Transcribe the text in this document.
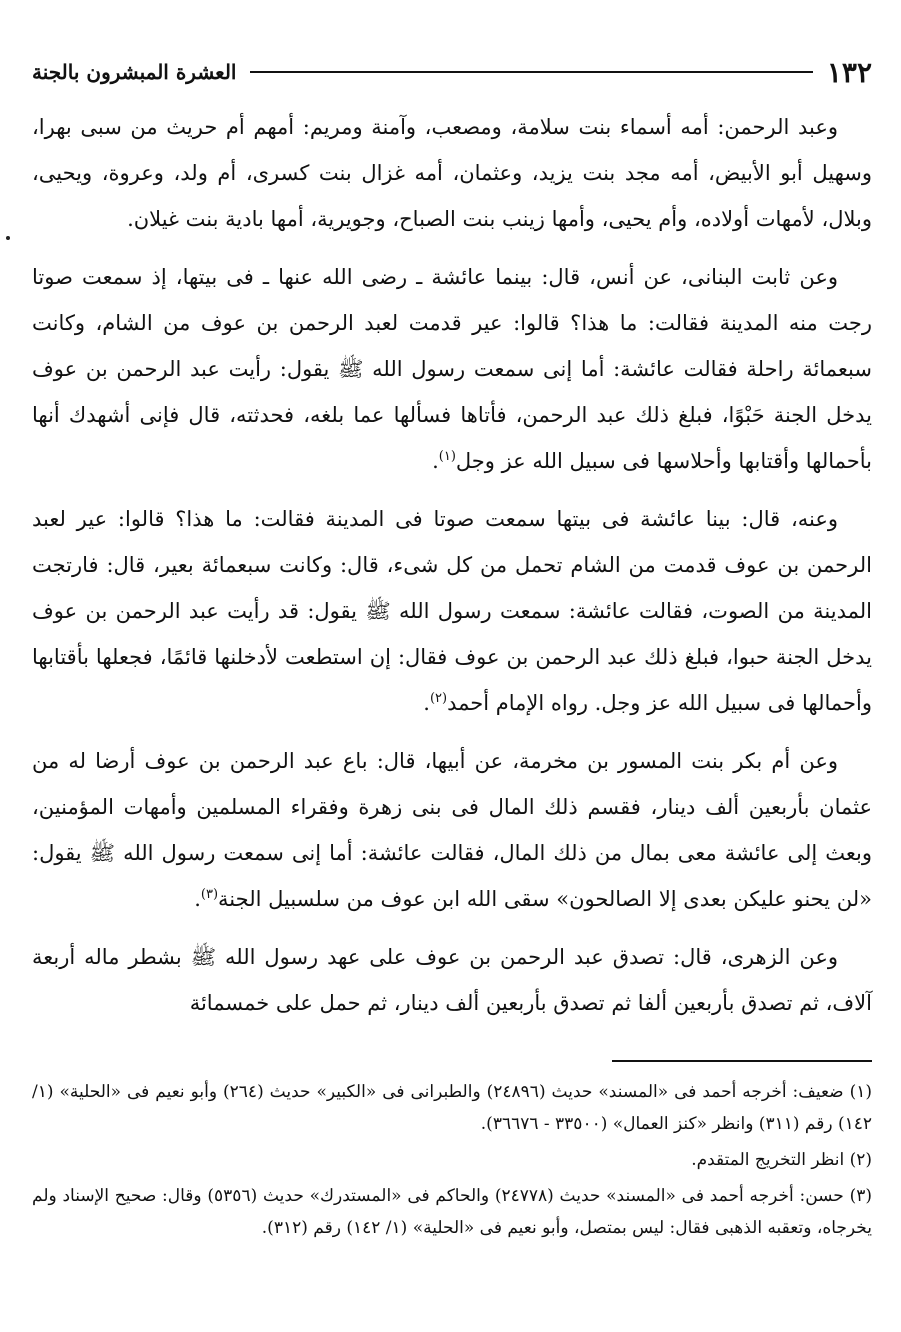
١٣٢
العشرة المبشرون بالجنة

وعبد الرحمن: أمه أسماء بنت سلامة، ومصعب، وآمنة ومريم: أمهم أم حريث من سبى بهرا، وسهيل أبو الأبيض، أمه مجد بنت يزيد، وعثمان، أمه غزال بنت كسرى، أم ولد، وعروة، ويحيى، وبلال، لأمهات أولاده، وأم يحيى، وأمها زينب بنت الصباح، وجويرية، أمها بادية بنت غيلان.

وعن ثابت البنانى، عن أنس، قال: بينما عائشة ـ رضى الله عنها ـ فى بيتها، إذ سمعت صوتا رجت منه المدينة فقالت: ما هذا؟ قالوا: عير قدمت لعبد الرحمن بن عوف من الشام، وكانت سبعمائة راحلة فقالت عائشة: أما إنى سمعت رسول الله ﷺ يقول: رأيت عبد الرحمن بن عوف يدخل الجنة حَبْوًا، فبلغ ذلك عبد الرحمن، فأتاها فسألها عما بلغه، فحدثته، قال فإنى أشهدك أنها بأحمالها وأقتابها وأحلاسها فى سبيل الله عز وجل$^{(١)}$.

وعنه، قال: بينا عائشة فى بيتها سمعت صوتا فى المدينة فقالت: ما هذا؟ قالوا: عير لعبد الرحمن بن عوف قدمت من الشام تحمل من كل شىء، قال: وكانت سبعمائة بعير، قال: فارتجت المدينة من الصوت، فقالت عائشة: سمعت رسول الله ﷺ يقول: قد رأيت عبد الرحمن بن عوف يدخل الجنة حبوا، فبلغ ذلك عبد الرحمن بن عوف فقال: إن استطعت لأدخلنها قائمًا، فجعلها بأقتابها وأحمالها فى سبيل الله عز وجل. رواه الإمام أحمد$^{(٢)}$.

وعن أم بكر بنت المسور بن مخرمة، عن أبيها، قال: باع عبد الرحمن بن عوف أرضا له من عثمان بأربعين ألف دينار، فقسم ذلك المال فى بنى زهرة وفقراء المسلمين وأمهات المؤمنين، وبعث إلى عائشة معى بمال من ذلك المال، فقالت عائشة: أما إنى سمعت رسول الله ﷺ يقول: «لن يحنو عليكن بعدى إلا الصالحون» سقى الله ابن عوف من سلسبيل الجنة$^{(٣)}$.

وعن الزهرى، قال: تصدق عبد الرحمن بن عوف على عهد رسول الله ﷺ بشطر ماله أربعة آلاف، ثم تصدق بأربعين ألفا ثم تصدق بأربعين ألف دينار، ثم حمل على خمسمائة

(١) ضعيف: أخرجه أحمد فى «المسند» حديث (٢٤٨٩٦) والطبرانى فى «الكبير» حديث (٢٦٤) وأبو نعيم فى «الحلية» (١/ ١٤٢) رقم (٣١١) وانظر «كنز العمال» (٣٣٥٠٠ - ٣٦٦٧٦).

(٢) انظر التخريج المتقدم.

(٣) حسن: أخرجه أحمد فى «المسند» حديث (٢٤٧٧٨) والحاكم فى «المستدرك» حديث (٥٣٥٦) وقال: صحيح الإسناد ولم يخرجاه، وتعقبه الذهبى فقال: ليس بمتصل، وأبو نعيم فى «الحلية» (١/ ١٤٢) رقم (٣١٢).
